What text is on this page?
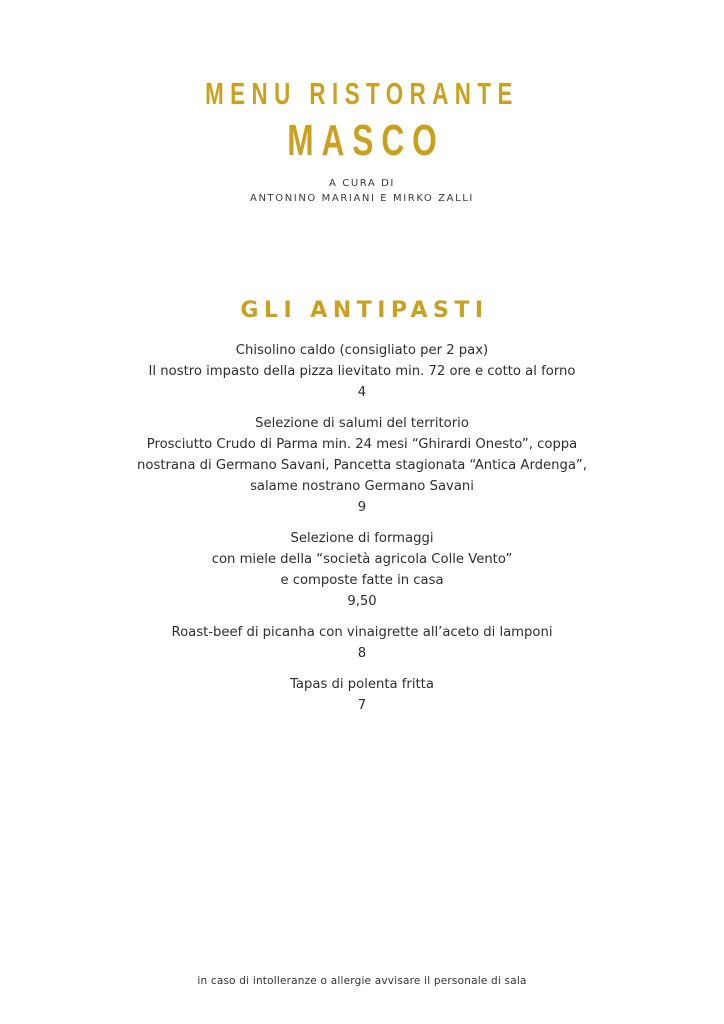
MENU RISTORANTE
MASCO
A CURA DI
ANTONINO MARIANI E MIRKO ZALLI
GLI ANTIPASTI
Chisolino caldo (consigliato per 2 pax)
Il nostro impasto della pizza lievitato min. 72 ore e cotto al forno
4
Selezione di salumi del territorio
Prosciutto Crudo di Parma min. 24 mesi “Ghirardi Onesto”, coppa
nostrana di Germano Savani, Pancetta stagionata “Antica Ardenga”,
salame nostrano Germano Savani
9
Selezione di formaggi
con miele della “società agricola Colle Vento”
e composte fatte in casa
9,50
Roast-beef di picanha con vinaigrette all’aceto di lamponi
8
Tapas di polenta fritta
7
in caso di intolleranze o allergie avvisare il personale di sala
